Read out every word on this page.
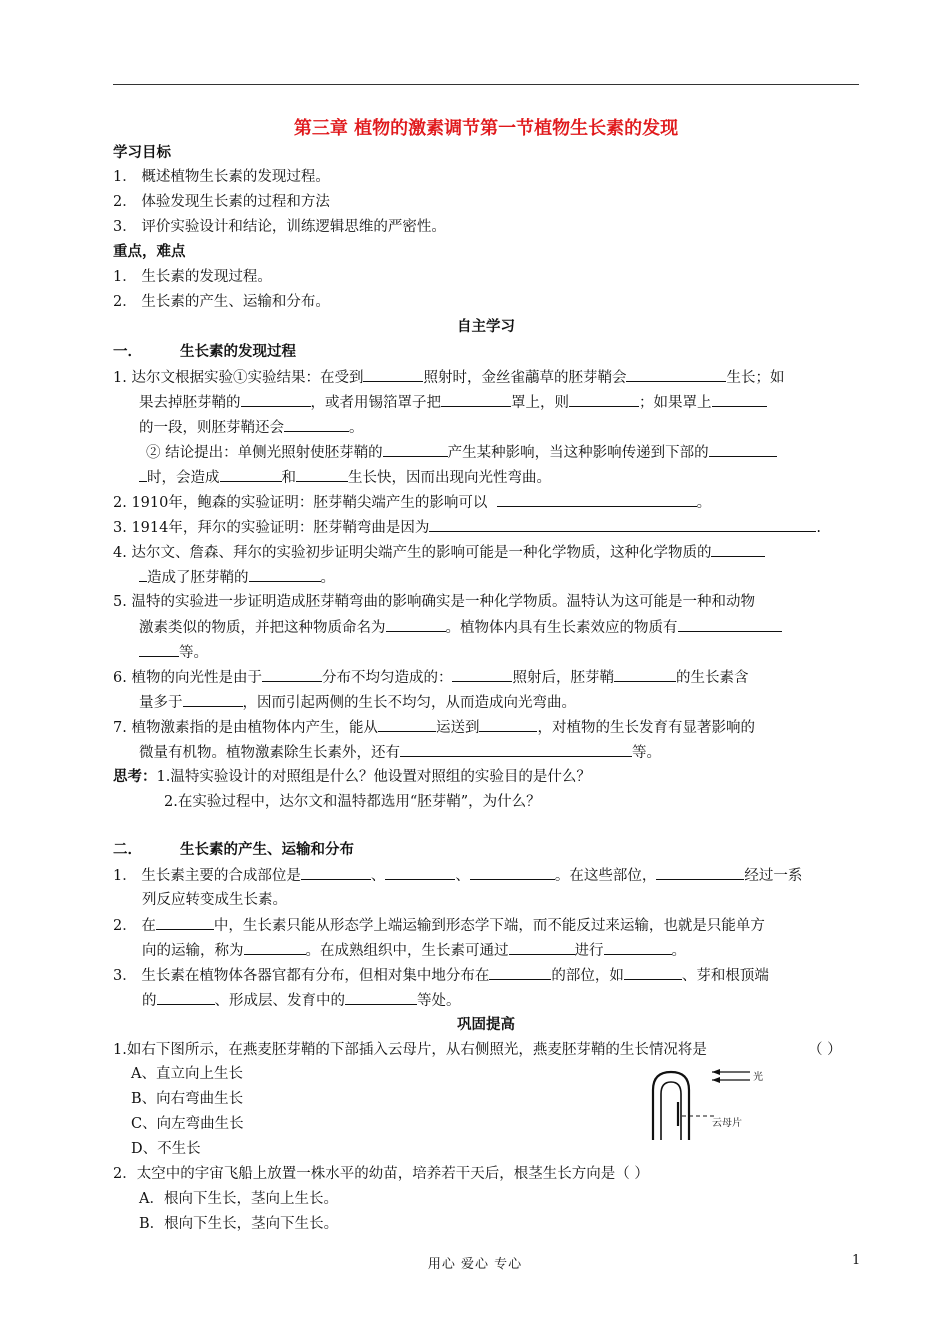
第三章 植物的激素调节第一节植物生长素的发现
学习目标
1． 概述植物生长素的发现过程。
2． 体验发现生长素的过程和方法
3． 评价实验设计和结论，训练逻辑思维的严密性。
重点，难点
1． 生长素的发现过程。
2． 生长素的产生、运输和分布。
自主学习
一．	生长素的发现过程
1. 达尔文根据实验①实验结果：在受到	照射时，金丝雀虉草的胚芽鞘会	生长；如
果去掉胚芽鞘的	，或者用锡箔罩子把	罩上，则	；如果罩上
的一段，则胚芽鞘还会	。
② 结论提出：单侧光照射使胚芽鞘的	产生某种影响，当这种影响传递到下部的
时，会造成	和	生长快，因而出现向光性弯曲。
2. 1910年，鲍森的实验证明：胚芽鞘尖端产生的影响可以	。
3. 1914年，拜尔的实验证明：胚芽鞘弯曲是因为	.
4. 达尔文、詹森、拜尔的实验初步证明尖端产生的影响可能是一种化学物质，这种化学物质的
造成了胚芽鞘的	。
5. 温特的实验进一步证明造成胚芽鞘弯曲的影响确实是一种化学物质。温特认为这可能是一种和动物
激素类似的物质，并把这种物质命名为	。植物体内具有生长素效应的物质有
等。
6. 植物的向光性是由于	分布不均匀造成的：	照射后，胚芽鞘	的生长素含
量多于	，因而引起两侧的生长不均匀，从而造成向光弯曲。
7. 植物激素指的是由植物体内产生，能从	运送到	，对植物的生长发育有显著影响的
微量有机物。植物激素除生长素外，还有	等。
思考：1.温特实验设计的对照组是什么？他设置对照组的实验目的是什么？
2.在实验过程中，达尔文和温特都选用“胚芽鞘”，为什么？
二．	生长素的产生、运输和分布
1． 生长素主要的合成部位是	、	、	。在这些部位，	经过一系
列反应转变成生长素。
2． 在	中，生长素只能从形态学上端运输到形态学下端，而不能反过来运输，也就是只能单方
向的运输，称为	。在成熟组织中，生长素可通过	进行	。
3． 生长素在植物体各器官都有分布，但相对集中地分布在	的部位，如	、芽和根顶端
的	、形成层、发育中的	等处。
巩固提高
1.如右下图所示，在燕麦胚芽鞘的下部插入云母片，从右侧照光，燕麦胚芽鞘的生长情况将是	（ ）
A、直立向上生长
B、向右弯曲生长
C、向左弯曲生长
D、不生长
光
云母片
2．太空中的宇宙飞船上放置一株水平的幼苗，培养若干天后，根茎生长方向是（ ）
A．根向下生长，茎向上生长。
B．根向下生长，茎向下生长。
用心 爱心 专心	1
